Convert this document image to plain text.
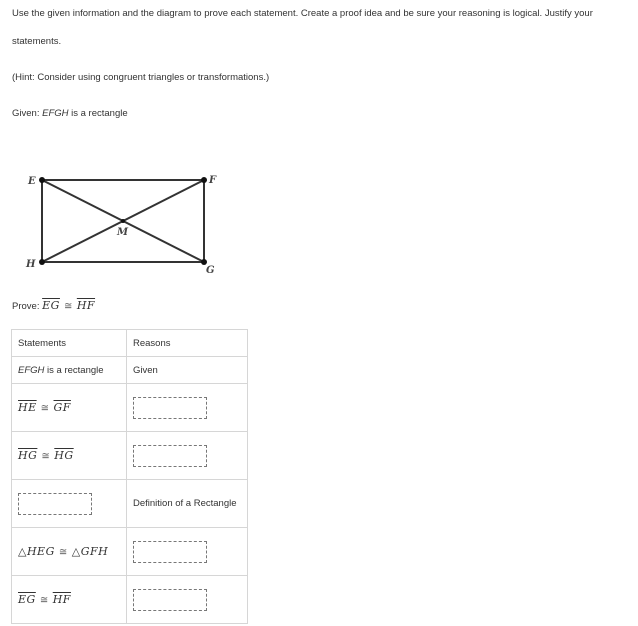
Use the given information and the diagram to prove each statement. Create a proof idea and be sure your reasoning is logical. Justify your

statements.

(Hint: Consider using congruent triangles or transformations.)

Given: EFGH is a rectangle

E	F
G
H
M
Prove: $\overline{EG}$ ≅ $\overline{HF}$
Statements	Reasons
EFGH is a rectangle	Given
$\overline{HE}$ ≅ $\overline{GF}$	
$\overline{HG}$ ≅ $\overline{HG}$	
	Definition of a Rectangle
△HEG ≅ △GFH	
$\overline{EG}$ ≅ $\overline{HF}$	
